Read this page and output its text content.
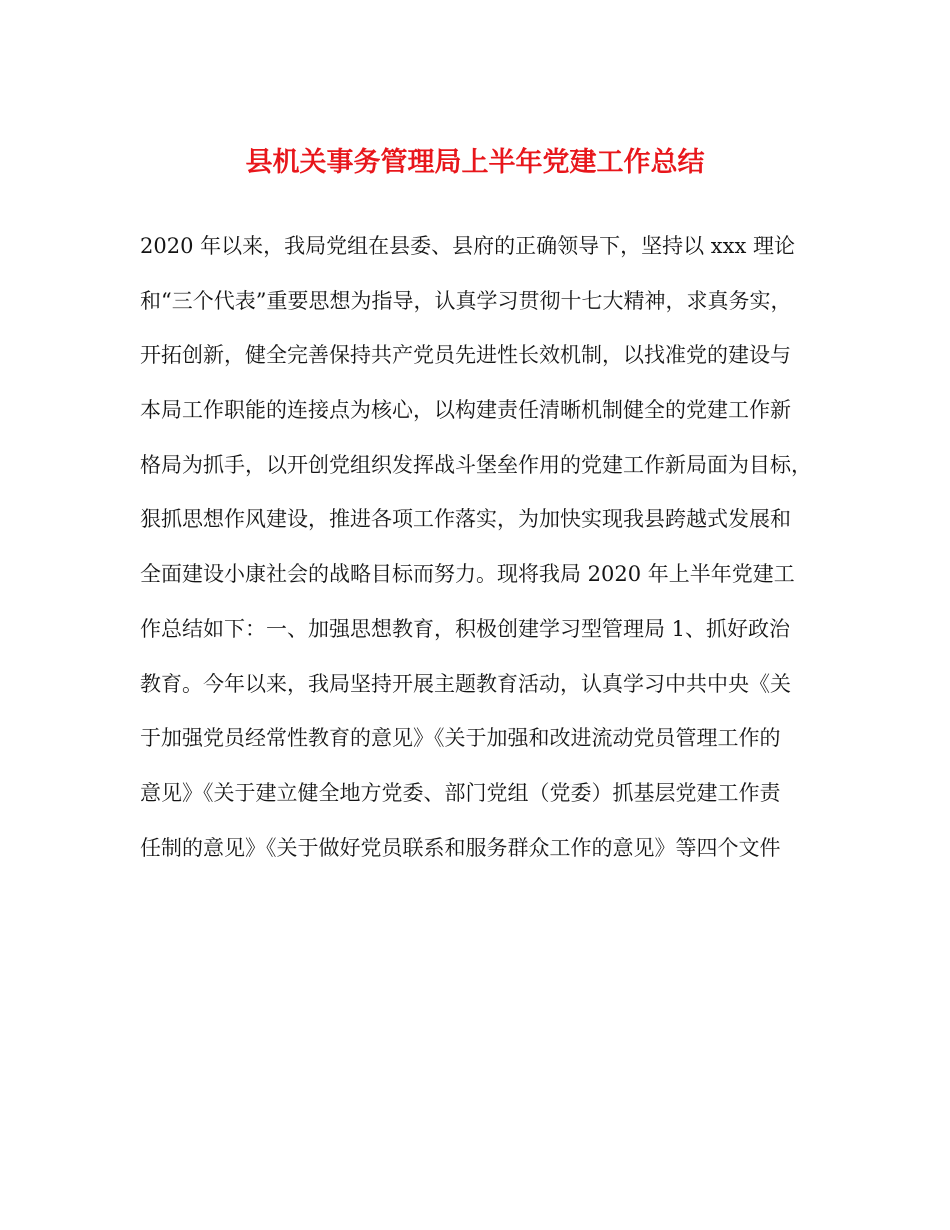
县机关事务管理局上半年党建工作总结
2020 年以来，我局党组在县委、县府的正确领导下，坚持以 xxx 理论
和“三个代表”重要思想为指导，认真学习贯彻十七大精神，求真务实，
开拓创新，健全完善保持共产党员先进性长效机制，以找准党的建设与
本局工作职能的连接点为核心，以构建责任清晰机制健全的党建工作新
格局为抓手，以开创党组织发挥战斗堡垒作用的党建工作新局面为目标，
狠抓思想作风建设，推进各项工作落实，为加快实现我县跨越式发展和
全面建设小康社会的战略目标而努力。现将我局 2020 年上半年党建工
作总结如下：一、加强思想教育，积极创建学习型管理局 1、抓好政治
教育。今年以来，我局坚持开展主题教育活动，认真学习中共中央《关
于加强党员经常性教育的意见》《关于加强和改进流动党员管理工作的
意见》《关于建立健全地方党委、部门党组（党委）抓基层党建工作责
任制的意见》《关于做好党员联系和服务群众工作的意见》等四个文件
